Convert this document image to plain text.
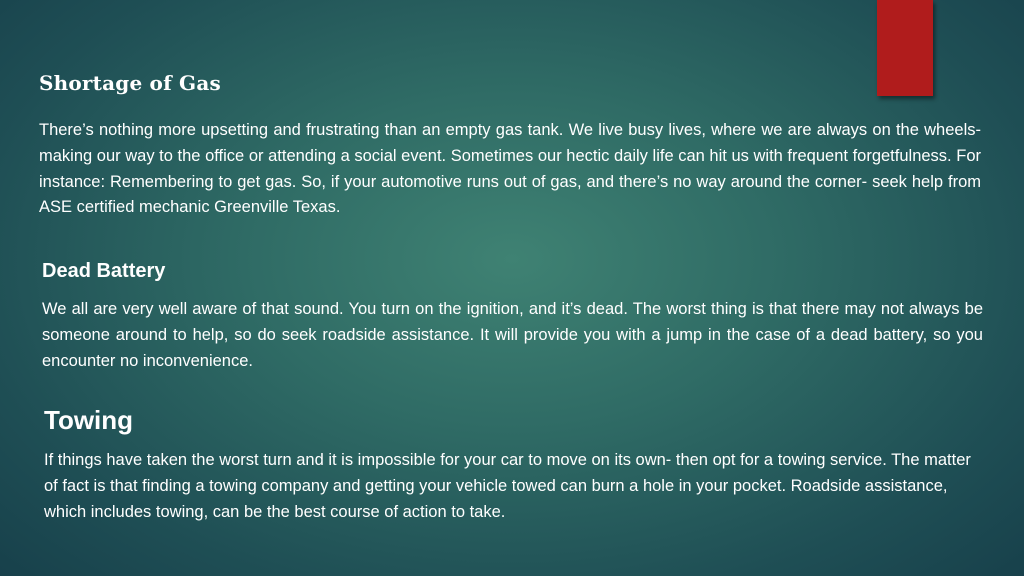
Shortage of Gas

There’s nothing more upsetting and frustrating than an empty gas tank. We live busy lives, where we are always on the wheels- making our way to the office or attending a social event. Sometimes our hectic daily life can hit us with frequent forgetfulness. For instance: Remembering to get gas. So, if your automotive runs out of gas, and there’s no way around the corner- seek help from ASE certified mechanic Greenville Texas.

Dead Battery

We all are very well aware of that sound. You turn on the ignition, and it’s dead. The worst thing is that there may not always be someone around to help, so do seek roadside assistance. It will provide you with a jump in the case of a dead battery, so you encounter no inconvenience.

Towing

If things have taken the worst turn and it is impossible for your car to move on its own- then opt for a towing service. The matter of fact is that finding a towing company and getting your vehicle towed can burn a hole in your pocket. Roadside assistance, which includes towing, can be the best course of action to take.
